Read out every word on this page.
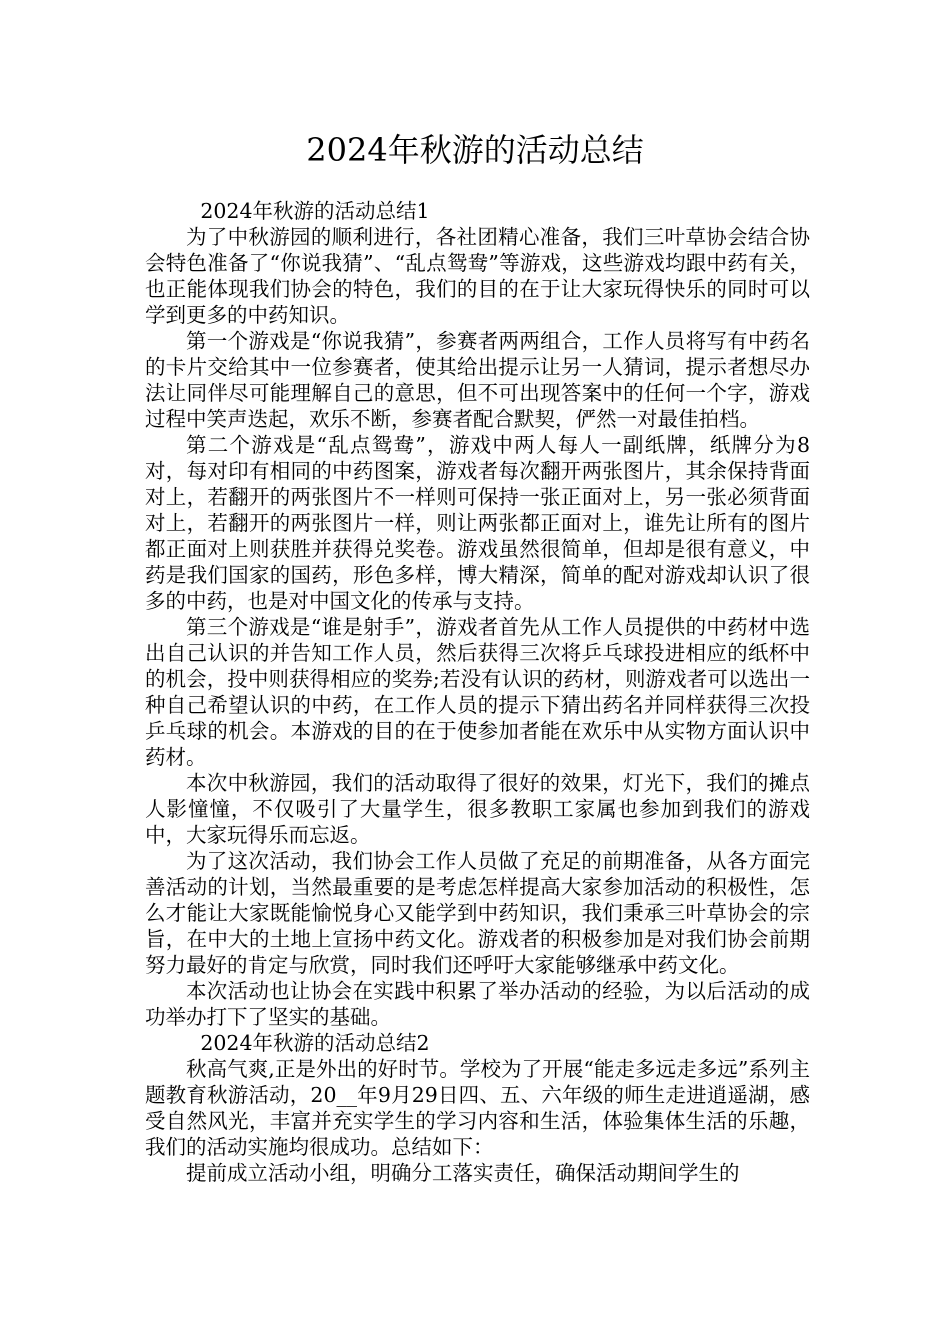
2024年秋游的活动总结

2024年秋游的活动总结1

为了中秋游园的顺利进行，各社团精心准备，我们三叶草协会结合协会特色准备了“你说我猜”、“乱点鸳鸯”等游戏，这些游戏均跟中药有关，也正能体现我们协会的特色，我们的目的在于让大家玩得快乐的同时可以学到更多的中药知识。

第一个游戏是“你说我猜”，参赛者两两组合，工作人员将写有中药名的卡片交给其中一位参赛者，使其给出提示让另一人猜词，提示者想尽办法让同伴尽可能理解自己的意思，但不可出现答案中的任何一个字，游戏过程中笑声迭起，欢乐不断，参赛者配合默契，俨然一对最佳拍档。

第二个游戏是“乱点鸳鸯”，游戏中两人每人一副纸牌，纸牌分为8对，每对印有相同的中药图案，游戏者每次翻开两张图片，其余保持背面对上，若翻开的两张图片不一样则可保持一张正面对上，另一张必须背面对上，若翻开的两张图片一样，则让两张都正面对上，谁先让所有的图片都正面对上则获胜并获得兑奖卷。游戏虽然很简单，但却是很有意义，中药是我们国家的国药，形色多样，博大精深，简单的配对游戏却认识了很多的中药，也是对中国文化的传承与支持。

第三个游戏是“谁是射手”，游戏者首先从工作人员提供的中药材中选出自己认识的并告知工作人员，然后获得三次将乒乓球投进相应的纸杯中的机会，投中则获得相应的奖券;若没有认识的药材，则游戏者可以选出一种自己希望认识的中药，在工作人员的提示下猜出药名并同样获得三次投乒乓球的机会。本游戏的目的在于使参加者能在欢乐中从实物方面认识中药材。

本次中秋游园，我们的活动取得了很好的效果，灯光下，我们的摊点人影憧憧，不仅吸引了大量学生，很多教职工家属也参加到我们的游戏中，大家玩得乐而忘返。

为了这次活动，我们协会工作人员做了充足的前期准备，从各方面完善活动的计划，当然最重要的是考虑怎样提高大家参加活动的积极性，怎么才能让大家既能愉悦身心又能学到中药知识，我们秉承三叶草协会的宗旨，在中大的土地上宣扬中药文化。游戏者的积极参加是对我们协会前期努力最好的肯定与欣赏，同时我们还呼吁大家能够继承中药文化。

本次活动也让协会在实践中积累了举办活动的经验，为以后活动的成功举办打下了坚实的基础。

2024年秋游的活动总结2

秋高气爽,正是外出的好时节。学校为了开展“能走多远走多远”系列主题教育秋游活动，20__年9月29日四、五、六年级的师生走进逍遥湖，感受自然风光，丰富并充实学生的学习内容和生活，体验集体生活的乐趣，我们的活动实施均很成功。总结如下：

提前成立活动小组，明确分工落实责任，确保活动期间学生的
